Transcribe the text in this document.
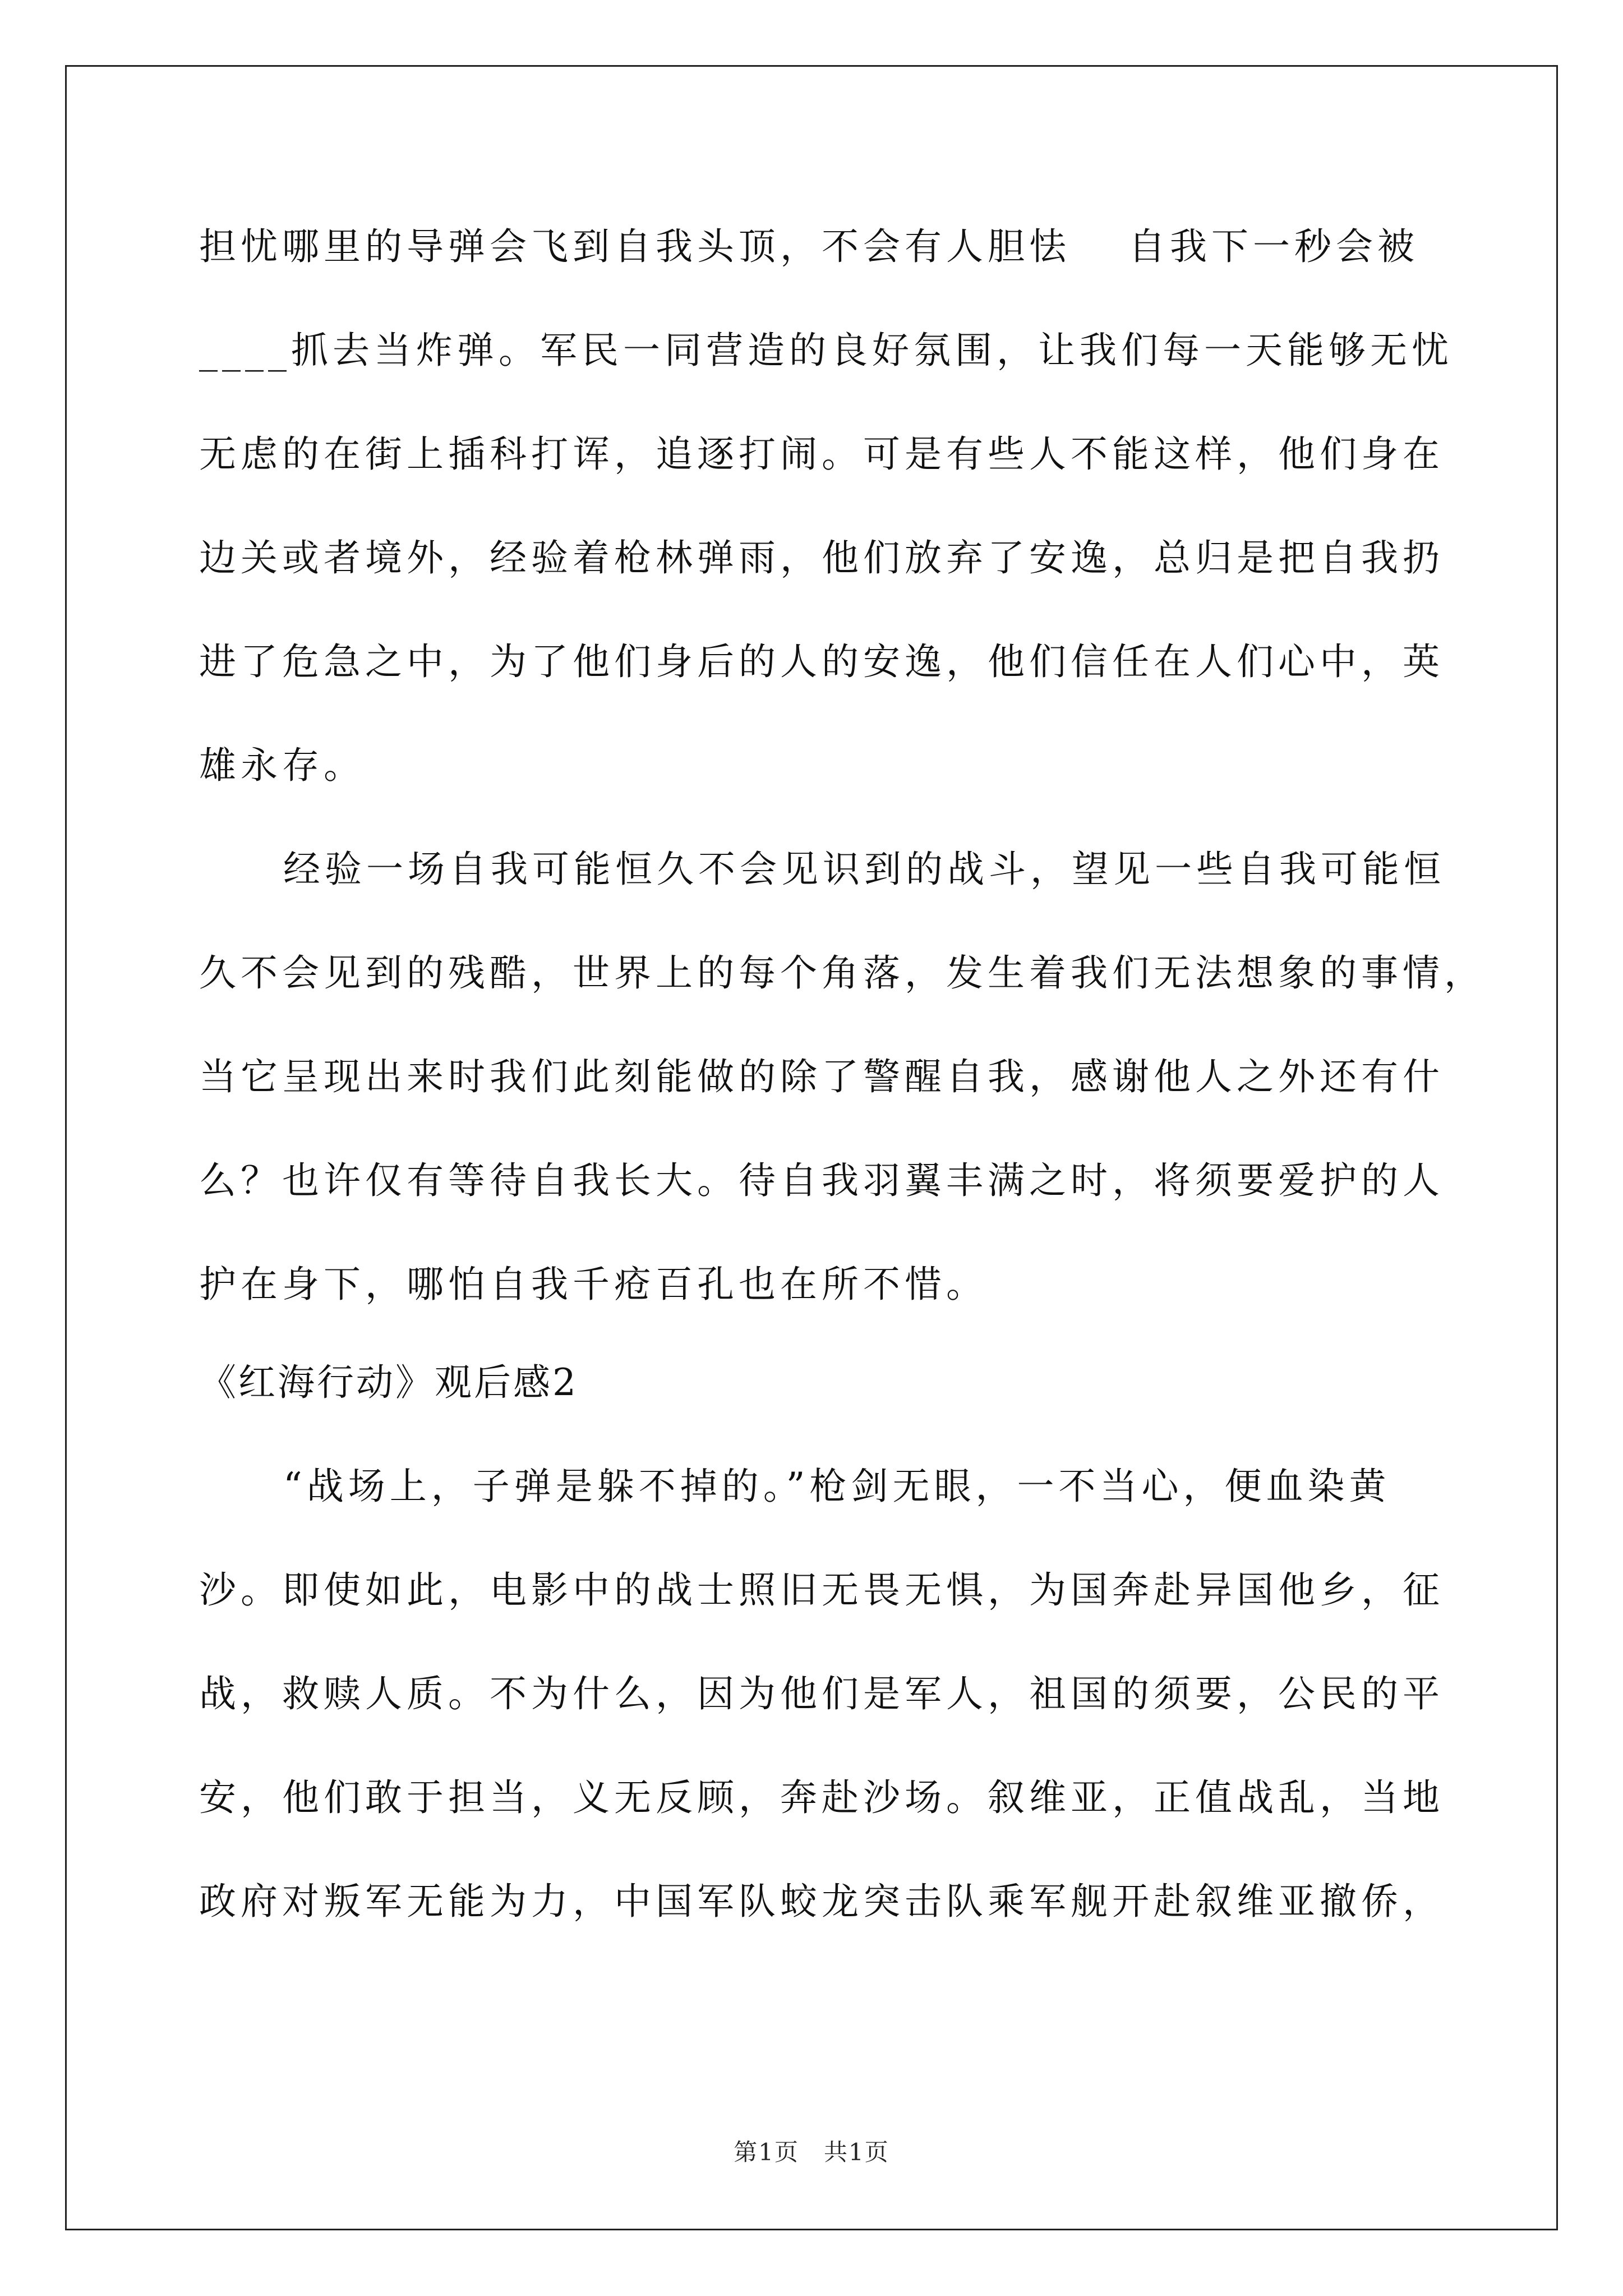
担忧哪里的导弹会飞到自我头顶，不会有人胆怯　 自我下一秒会被
____抓去当炸弹。军民一同营造的良好氛围，让我们每一天能够无忧
无虑的在街上插科打诨，追逐打闹。可是有些人不能这样，他们身在
边关或者境外，经验着枪林弹雨，他们放弃了安逸，总归是把自我扔
进了危急之中，为了他们身后的人的安逸，他们信任在人们心中，英
雄永存。
经验一场自我可能恒久不会见识到的战斗，望见一些自我可能恒
久不会见到的残酷，世界上的每个角落，发生着我们无法想象的事情，
当它呈现出来时我们此刻能做的除了警醒自我，感谢他人之外还有什
么？也许仅有等待自我长大。待自我羽翼丰满之时，将须要爱护的人
护在身下，哪怕自我千疮百孔也在所不惜。
《红海行动》观后感2
“战场上，子弹是躲不掉的。”枪剑无眼，一不当心，便血染黄
沙。即使如此，电影中的战士照旧无畏无惧，为国奔赴异国他乡，征
战，救赎人质。不为什么，因为他们是军人，祖国的须要，公民的平
安，他们敢于担当，义无反顾，奔赴沙场。叙维亚，正值战乱，当地
政府对叛军无能为力，中国军队蛟龙突击队乘军舰开赴叙维亚撤侨，
第1页　共1页
